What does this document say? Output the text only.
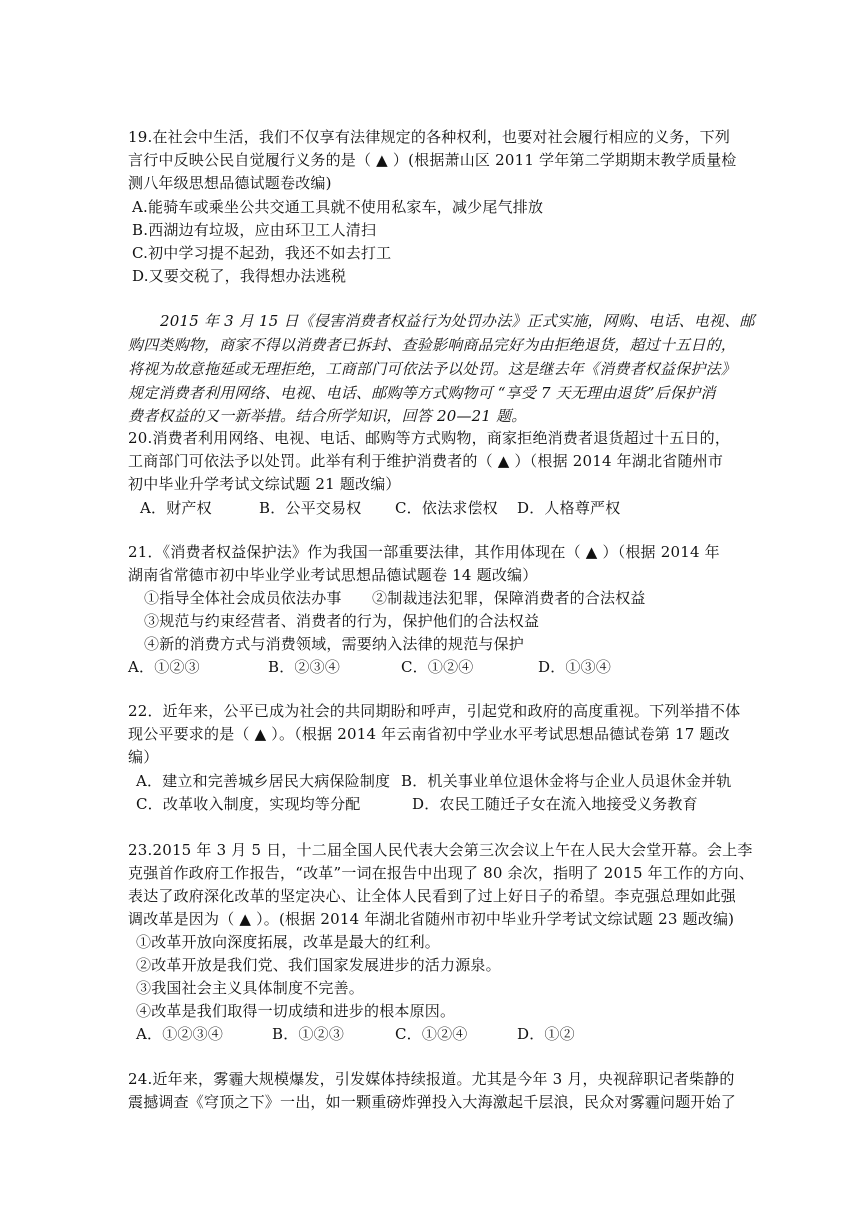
19.在社会中生活，我们不仅享有法律规定的各种权利，也要对社会履行相应的义务，下列
言行中反映公民自觉履行义务的是（ ▲ ）(根据萧山区 2011 学年第二学期期末教学质量检
测八年级思想品德试题卷改编)
A.能骑车或乘坐公共交通工具就不使用私家车，减少尾气排放
B.西湖边有垃圾，应由环卫工人清扫
C.初中学习提不起劲，我还不如去打工
D.又要交税了，我得想办法逃税
2015 年 3 月 15 日《侵害消费者权益行为处罚办法》正式实施，网购、电话、电视、邮
购四类购物，商家不得以消费者已拆封、查验影响商品完好为由拒绝退货，超过十五日的，
将视为故意拖延或无理拒绝，工商部门可依法予以处罚。这是继去年《消费者权益保护法》
规定消费者利用网络、电视、电话、邮购等方式购物可 “享受 7 天无理由退货”后保护消
费者权益的又一新举措。结合所学知识，回答 20—21 题。
20.消费者利用网络、电视、电话、邮购等方式购物，商家拒绝消费者退货超过十五日的，
工商部门可依法予以处罚。此举有利于维护消费者的（ ▲ ）（根据 2014 年湖北省随州市
初中毕业升学考试文综试题 21 题改编）
A．财产权	B．公平交易权 C．依法求偿权 D．人格尊严权
21．《消费者权益保护法》作为我国一部重要法律，其作用体现在（ ▲ ）（根据 2014 年
湖南省常德市初中毕业学业考试思想品德试题卷 14 题改编）
①指导全体社会成员依法办事 ②制裁违法犯罪，保障消费者的合法权益
③规范与约束经营者、消费者的行为，保护他们的合法权益
④新的消费方式与消费领域，需要纳入法律的规范与保护
A．①②③	B．②③④	C．①②④	D．①③④
22．近年来，公平已成为社会的共同期盼和呼声，引起党和政府的高度重视。下列举措不体
现公平要求的是（ ▲ ）。（根据 2014 年云南省初中学业水平考试思想品德试卷第 17 题改
编）
A．建立和完善城乡居民大病保险制度 B．机关事业单位退休金将与企业人员退休金并轨
C．改革收入制度，实现均等分配	D．农民工随迁子女在流入地接受义务教育
23.2015 年 3 月 5 日，十二届全国人民代表大会第三次会议上午在人民大会堂开幕。会上李
克强首作政府工作报告，“改革”一词在报告中出现了 80 余次，指明了 2015 年工作的方向、
表达了政府深化改革的坚定决心、让全体人民看到了过上好日子的希望。李克强总理如此强
调改革是因为（ ▲ ）。(根据 2014 年湖北省随州市初中毕业升学考试文综试题 23 题改编)
①改革开放向深度拓展，改革是最大的红利。
②改革开放是我们党、我们国家发展进步的活力源泉。
③我国社会主义具体制度不完善。
④改革是我们取得一切成绩和进步的根本原因。
A．①②③④	B．①②③	C．①②④	D．①②
24.近年来，雾霾大规模爆发，引发媒体持续报道。尤其是今年 3 月，央视辞职记者柴静的
震撼调查《穹顶之下》一出，如一颗重磅炸弹投入大海激起千层浪，民众对雾霾问题开始了
